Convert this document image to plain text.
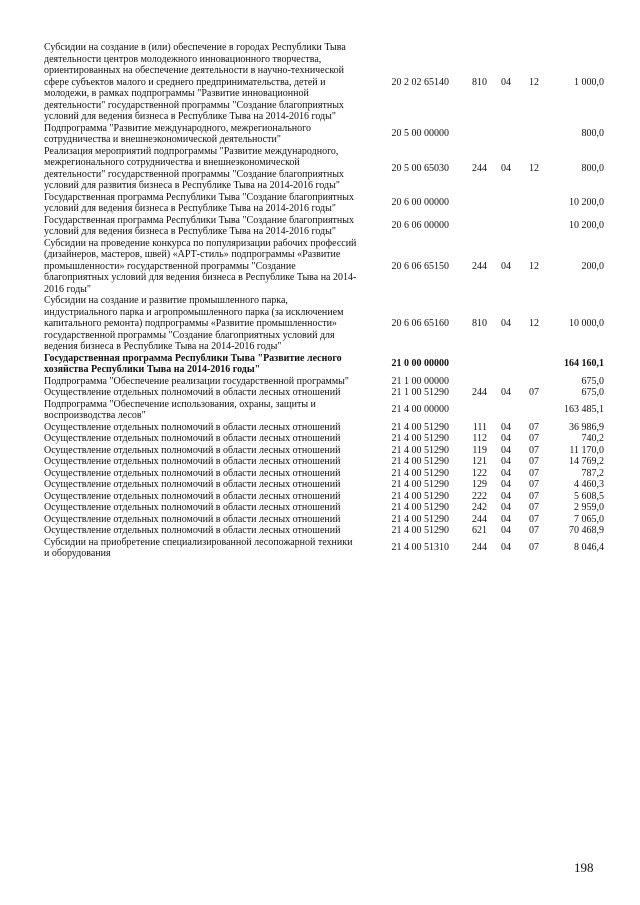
Субсидии на создание в (или) обеспечение в городах Республики Тыва деятельности центров молодежного инновационного творчества, ориентированных на обеспечение деятельности в научно-технической сфере субъектов малого и среднего предпринимательства, детей и молодежи, в рамках подпрограммы "Развитие инновационной деятельности" государственной программы "Создание благоприятных условий для ведения бизнеса в Республике Тыва на 2014-2016 годы"	20 2 02 65140	810	04	12	1 000,0
Подпрограмма "Развитие международного, межрегионального сотрудничества и внешнеэкономической деятельности"	20 5 00 00000				800,0
Реализация мероприятий подпрограммы "Развитие международного, межрегионального сотрудничества и внешнеэкономической деятельности" государственной программы "Создание благоприятных условий для развития бизнеса в Республике Тыва на 2014-2016 годы"	20 5 00 65030	244	04	12	800,0
Государственная программа Республики Тыва "Создание благоприятных условий для ведения бизнеса в Республике Тыва на 2014-2016 годы"	20 6 00 00000				10 200,0
Государственная программа Республики Тыва "Создание благоприятных условий для ведения бизнеса в Республике Тыва на 2014-2016 годы"	20 6 06 00000				10 200,0
Субсидии на проведение конкурса по популяризации рабочих профессий (дизайнеров, мастеров, швей) «АРТ-стиль» подпрограммы «Развитие промышленности» государственной программы "Создание благоприятных условий для ведения бизнеса в Республике Тыва на 2014-2016 годы"	20 6 06 65150	244	04	12	200,0
Субсидии на создание и развитие промышленного парка, индустриального парка и агропромышленного парка (за исключением капитального ремонта) подпрограммы «Развитие промышленности» государственной программы "Создание благоприятных условий для ведения бизнеса в Республике Тыва на 2014-2016 годы"	20 6 06 65160	810	04	12	10 000,0
Государственная программа Республики Тыва "Развитие лесного хозяйства Республики Тыва на 2014-2016 годы"	21 0 00 00000				164 160,1
Подпрограмма "Обеспечение реализации государственной программы"	21 1 00 00000				675,0
Осуществление отдельных полномочий в области лесных отношений	21 1 00 51290	244	04	07	675,0
Подпрограмма "Обеспечение использования, охраны, защиты и воспроизводства лесов"	21 4 00 00000				163 485,1
Осуществление отдельных полномочий в области лесных отношений	21 4 00 51290	111	04	07	36 986,9
Осуществление отдельных полномочий в области лесных отношений	21 4 00 51290	112	04	07	740,2
Осуществление отдельных полномочий в области лесных отношений	21 4 00 51290	119	04	07	11 170,0
Осуществление отдельных полномочий в области лесных отношений	21 4 00 51290	121	04	07	14 769,2
Осуществление отдельных полномочий в области лесных отношений	21 4 00 51290	122	04	07	787,2
Осуществление отдельных полномочий в области лесных отношений	21 4 00 51290	129	04	07	4 460,3
Осуществление отдельных полномочий в области лесных отношений	21 4 00 51290	222	04	07	5 608,5
Осуществление отдельных полномочий в области лесных отношений	21 4 00 51290	242	04	07	2 959,0
Осуществление отдельных полномочий в области лесных отношений	21 4 00 51290	244	04	07	7 065,0
Осуществление отдельных полномочий в области лесных отношений	21 4 00 51290	621	04	07	70 468,9
Субсидии на приобретение специализированной лесопожарной техники и оборудования	21 4 00 51310	244	04	07	8 046,4
198
